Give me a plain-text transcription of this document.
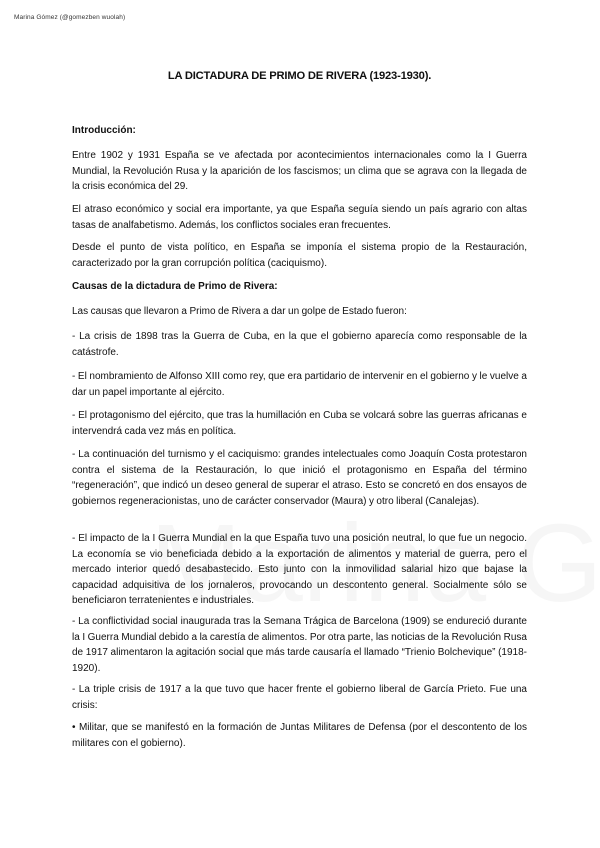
Marina Gómez (@gomezben wuolah)
LA DICTADURA DE PRIMO DE RIVERA (1923-1930).
Introducción:
Entre 1902 y 1931 España se ve afectada por acontecimientos internacionales como la I Guerra Mundial, la Revolución Rusa y la aparición de los fascismos; un clima que se agrava con la llegada de la crisis económica del 29.
El atraso económico y social era importante, ya que España seguía siendo un país agrario con altas tasas de analfabetismo. Además, los conflictos sociales eran frecuentes.
Desde el punto de vista político, en España se imponía el sistema propio de la Restauración, caracterizado por la gran corrupción política (caciquismo).
Causas de la dictadura de Primo de Rivera:
Las causas que llevaron a Primo de Rivera a dar un golpe de Estado fueron:
- La crisis de 1898 tras la Guerra de Cuba, en la que el gobierno aparecía como responsable de la catástrofe.
- El nombramiento de Alfonso XIII como rey, que era partidario de intervenir en el gobierno y le vuelve a dar un papel importante al ejército.
- El protagonismo del ejército, que tras la humillación en Cuba se volcará sobre las guerras africanas e intervendrá cada vez más en política.
- La continuación del turnismo y el caciquismo: grandes intelectuales como Joaquín Costa protestaron contra el sistema de la Restauración, lo que inició el protagonismo en España del término “regeneración”, que indicó un deseo general de superar el atraso. Esto se concretó en dos ensayos de gobiernos regeneracionistas, uno de carácter conservador (Maura) y otro liberal (Canalejas).
- El impacto de la I Guerra Mundial en la que España tuvo una posición neutral, lo que fue un negocio. La economía se vio beneficiada debido a la exportación de alimentos y material de guerra, pero el mercado interior quedó desabastecido. Esto junto con la inmovilidad salarial hizo que bajase la capacidad adquisitiva de los jornaleros, provocando un descontento general. Socialmente sólo se beneficiaron terratenientes e industriales.
- La conflictividad social inaugurada tras la Semana Trágica de Barcelona (1909) se endureció durante la I Guerra Mundial debido a la carestía de alimentos. Por otra parte, las noticias de la Revolución Rusa de 1917 alimentaron la agitación social que más tarde causaría el llamado “Trienio Bolchevique” (1918-1920).
- La triple crisis de 1917 a la que tuvo que hacer frente el gobierno liberal de García Prieto. Fue una crisis:
• Militar, que se manifestó en la formación de Juntas Militares de Defensa (por el descontento de los militares con el gobierno).
